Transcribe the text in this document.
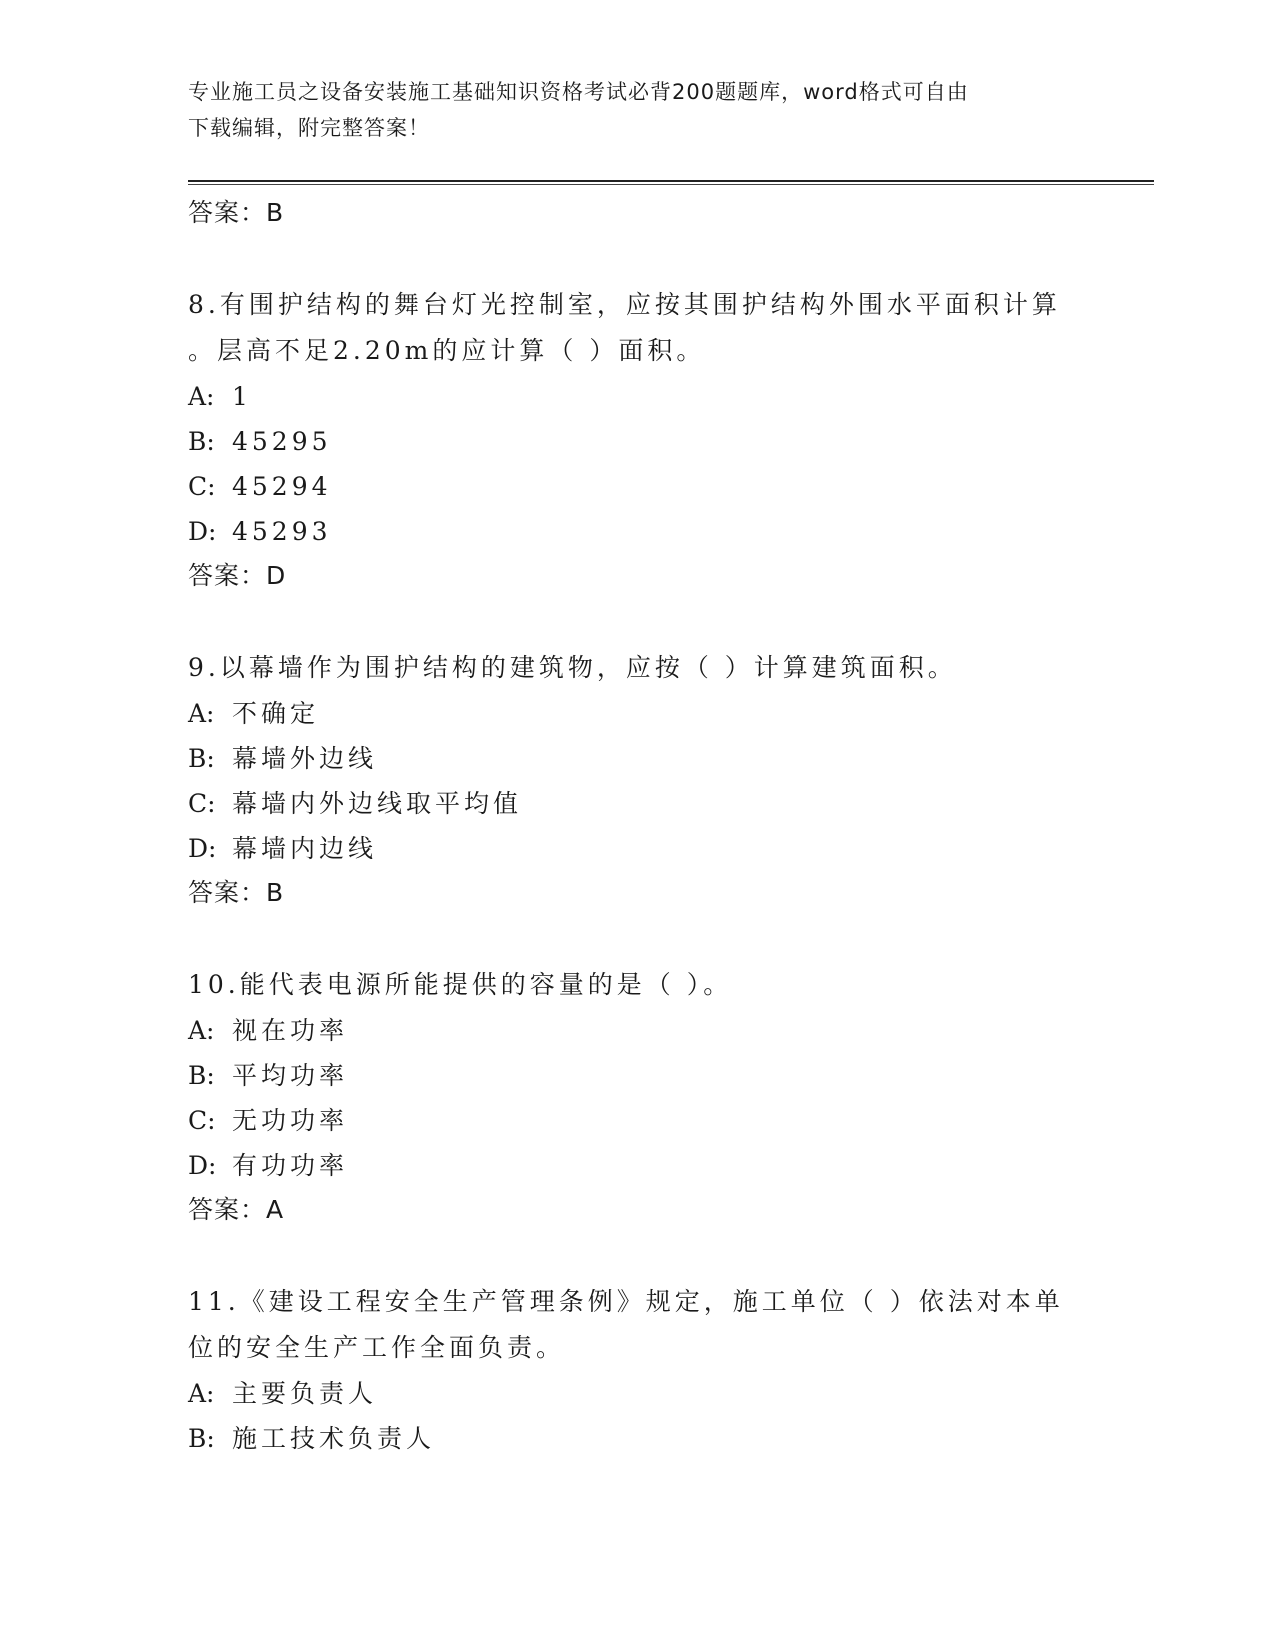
专业施工员之设备安装施工基础知识资格考试必背200题题库，word格式可自由
下载编辑，附完整答案！
答案：B
8.有围护结构的舞台灯光控制室，应按其围护结构外围水平面积计算
。层高不足2.20m的应计算（ ）面积。
A: 1
B: 45295
C: 45294
D: 45293
答案：D
9.以幕墙作为围护结构的建筑物，应按（ ）计算建筑面积。
A: 不确定
B: 幕墙外边线
C: 幕墙内外边线取平均值
D: 幕墙内边线
答案：B
10.能代表电源所能提供的容量的是（ ）。
A: 视在功率
B: 平均功率
C: 无功功率
D: 有功功率
答案：A
11.《建设工程安全生产管理条例》规定，施工单位（ ）依法对本单
位的安全生产工作全面负责。
A: 主要负责人
B: 施工技术负责人
